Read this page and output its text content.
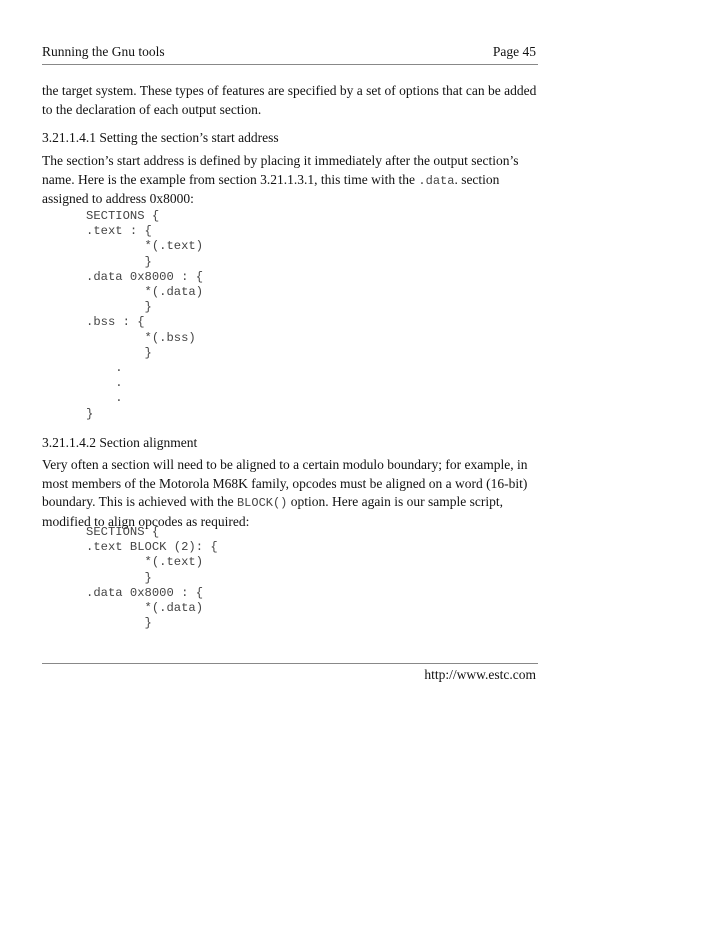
Running the Gnu tools	Page 45

the target system. These types of features are specified by a set of options that can be added to the declaration of each output section.

3.21.1.4.1 Setting the section’s start address

The section’s start address is defined by placing it immediately after the output section’s name. Here is the example from section 3.21.1.3.1, this time with the .data. section assigned to address 0x8000:

SECTIONS {
.text : {
*(.text)
}
.data 0x8000 : {
*(.data)
}
.bss : {
*(.bss)
}
.
.
.
}

3.21.1.4.2 Section alignment

Very often a section will need to be aligned to a certain modulo boundary; for example, in most members of the Motorola M68K family, opcodes must be aligned on a word (16-bit) boundary. This is achieved with the BLOCK() option. Here again is our sample script, modified to align opcodes as required:

SECTIONS {
.text BLOCK (2): {
*(.text)
}
.data 0x8000 : {
*(.data)
}
http://www.estc.com
